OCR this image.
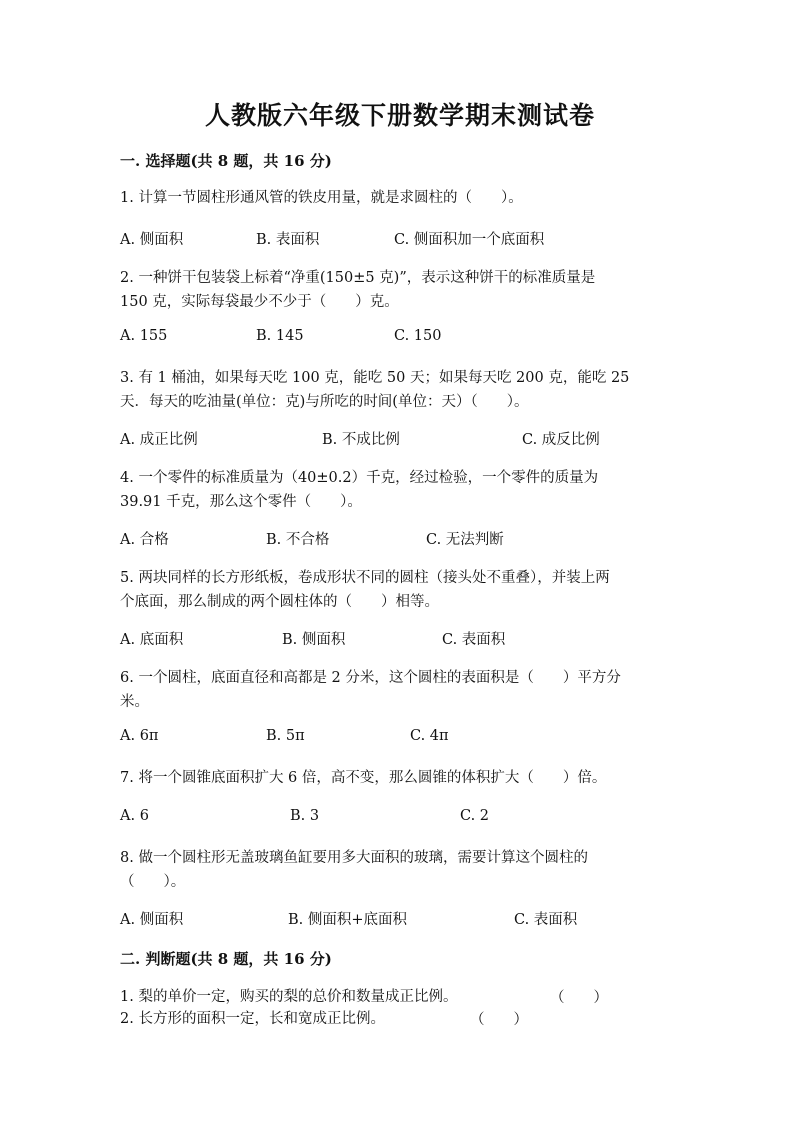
人教版六年级下册数学期末测试卷
一. 选择题(共 8 题，共 16 分)
1. 计算一节圆柱形通风管的铁皮用量，就是求圆柱的（　　）。
A. 侧面积	B. 表面积	C. 侧面积加一个底面积
2. 一种饼干包装袋上标着“净重(150±5 克)”，表示这种饼干的标准质量是
150 克，实际每袋最少不少于（　　）克。
A. 155	B. 145	C. 150
3. 有 1 桶油，如果每天吃 100 克，能吃 50 天；如果每天吃 200 克，能吃 25
天．每天的吃油量(单位：克)与所吃的时间(单位：天）（　　）。
A. 成正比例	B. 不成比例	C. 成反比例
4. 一个零件的标准质量为（40±0.2）千克，经过检验，一个零件的质量为
39.91 千克，那么这个零件（　　）。
A. 合格	B. 不合格	C. 无法判断
5. 两块同样的长方形纸板，卷成形状不同的圆柱（接头处不重叠），并装上两
个底面，那么制成的两个圆柱体的（　　）相等。
A. 底面积	B. 侧面积	C. 表面积
6. 一个圆柱，底面直径和高都是 2 分米，这个圆柱的表面积是（　　）平方分
米。
A. 6π	B. 5π	C. 4π
7. 将一个圆锥底面积扩大 6 倍，高不变，那么圆锥的体积扩大（　　）倍。
A. 6	B. 3	C. 2
8. 做一个圆柱形无盖玻璃鱼缸要用多大面积的玻璃，需要计算这个圆柱的
（　　）。
A. 侧面积	B. 侧面积+底面积	C. 表面积
二. 判断题(共 8 题，共 16 分)
1. 梨的单价一定，购买的梨的总价和数量成正比例。	（　　）
2. 长方形的面积一定，长和宽成正比例。	（　　）
